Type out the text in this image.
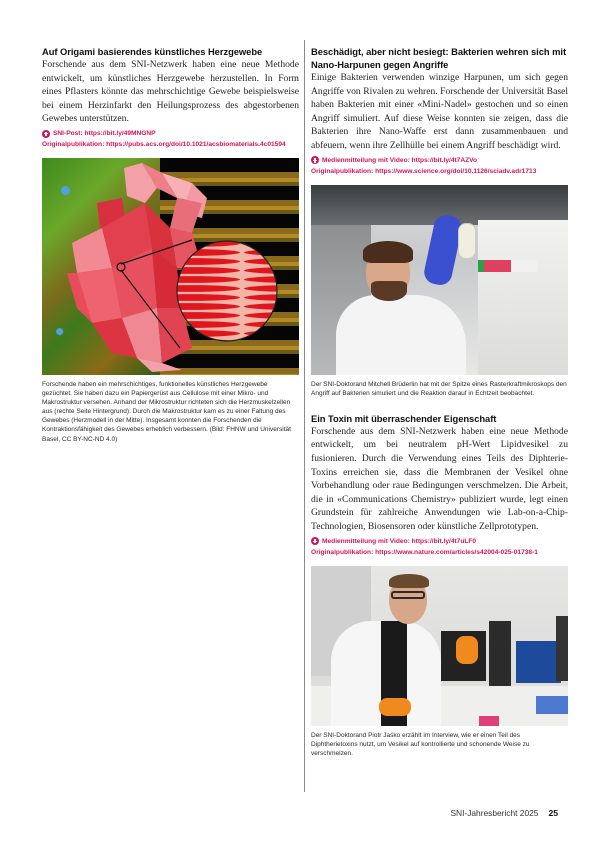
Auf Origami basierendes künstliches Herzgewebe

Forschende aus dem SNI-Netzwerk haben eine neue Methode entwickelt, um künstliches Herzgewebe herzustellen. In Form eines Pflasters könnte das mehrschichtige Gewebe beispielsweise bei einem Herzinfarkt den Heilungsprozess des abgestorbenen Gewebes unterstützen.

SNI-Post: https://bit.ly/49MNGNP
Originalpublikation: https://pubs.acs.org/doi/10.1021/acsbiomaterials.4c01594

Forschende haben ein mehrschichtiges, funktionelles künstliches Herzgewebe gezüchtet. Sie haben dazu ein Papiergerüst aus Cellulose mit einer Mikro- und Makrostruktur versehen. Anhand der Mikrostruktur richteten sich die Herzmuskelzellen aus (rechte Seite Hintergrund). Durch die Makrostruktur kam es zu einer Faltung des Gewebes (Herzmodell in der Mitte). Insgesamt konnten die Forschenden die Kontraktionsfähigkeit des Gewebes erheblich verbessern. (Bild: FHNW und Universität Basel, CC BY-NC-ND 4.0)

Beschädigt, aber nicht besiegt: Bakterien wehren sich mit Nano-Harpunen gegen Angriffe

Einige Bakterien verwenden winzige Harpunen, um sich gegen Angriffe von Rivalen zu wehren. Forschende der Universität Basel haben Bakterien mit einer «Mini-Nadel» gestochen und so einen Angriff simuliert. Auf diese Weise konnten sie zeigen, dass die Bakterien ihre Nano-Waffe erst dann zusammenbauen und abfeuern, wenn ihre Zellhülle bei einem Angriff beschädigt wird.

Medienmitteilung mit Video: https://bit.ly/4t7AZVo
Originalpublikation: https://www.science.org/doi/10.1126/sciadv.adr1713

Der SNI-Doktorand Mitchell Brüderlin hat mit der Spitze eines Rasterkraftmikroskops den Angriff auf Bakterien simuliert und die Reaktion darauf in Echtzeit beobachtet.

Ein Toxin mit überraschender Eigenschaft

Forschende aus dem SNI-Netzwerk haben eine neue Methode entwickelt, um bei neutralem pH-Wert Lipidvesikel zu fusionieren. Durch die Verwendung eines Teils des Diphterie-Toxins erreichen sie, dass die Membranen der Vesikel ohne Vorbehandlung oder raue Bedingungen verschmelzen. Die Arbeit, die in «Communications Chemistry» publiziert wurde, legt einen Grundstein für zahlreiche Anwendungen wie Lab-on-a-Chip-Technologien, Biosensoren oder künstliche Zellprototypen.

Medienmitteilung mit Video: https://bit.ly/4t7uLF0
Originalpublikation: https://www.nature.com/articles/s42004-025-01738-1

Der SNI-Doktorand Piotr Jaśko erzählt im Interview, wie er einen Teil des Diphtherietoxins nutzt, um Vesikel auf kontrollierte und schonende Weise zu verschmelzen.

SNI-Jahresbericht 2025 25
